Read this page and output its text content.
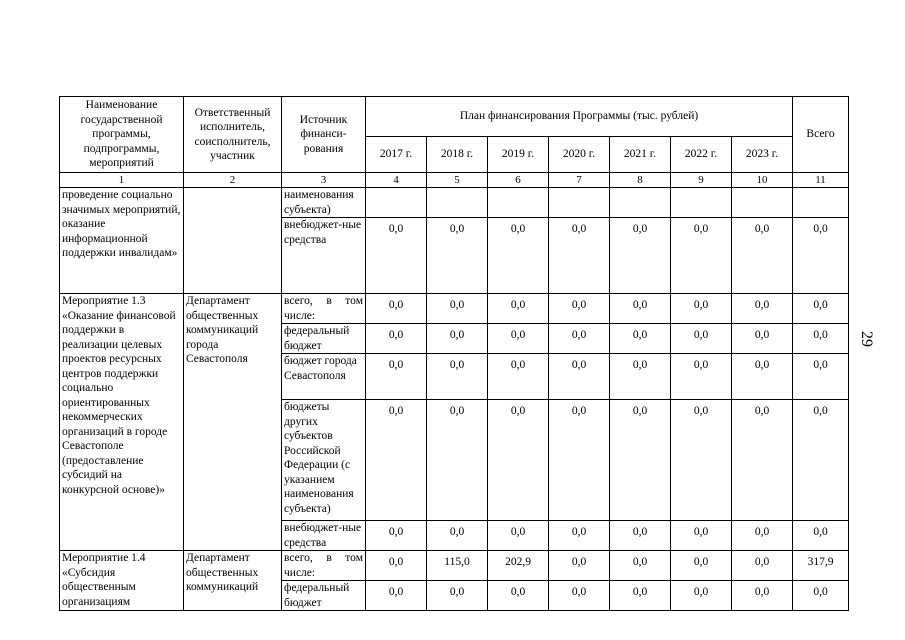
Наименование государственной программы, подпрограммы, мероприятий	Ответственный исполнитель, соисполнитель, участник	Источник финанси-рования	План финансирования Программы (тыс. рублей)							Всего
			2017 г.	2018 г.	2019 г.	2020 г.	2021 г.	2022 г.	2023 г.	
1	2	3	4	5	6	7	8	9	10	11
проведение социально значимых мероприятий, оказание информационной поддержки инвалидам»		наименования субъекта)								
		внебюджет-ные средства	0,0	0,0	0,0	0,0	0,0	0,0	0,0	0,0
Мероприятие 1.3 «Оказание финансовой поддержки в реализации целевых проектов ресурсных центров поддержки социально ориентированных некоммерческих организаций в городе Севастополе (предоставление субсидий на конкурсной основе)»	Департамент общественных коммуникаций города Севастополя	всего, в том числе:	0,0	0,0	0,0	0,0	0,0	0,0	0,0	0,0
		федеральный бюджет	0,0	0,0	0,0	0,0	0,0	0,0	0,0	0,0
		бюджет города Севастополя	0,0	0,0	0,0	0,0	0,0	0,0	0,0	0,0
		бюджеты других субъектов Российской Федерации (с указанием наименования субъекта)	0,0	0,0	0,0	0,0	0,0	0,0	0,0	0,0
		внебюджет-ные средства	0,0	0,0	0,0	0,0	0,0	0,0	0,0	0,0
Мероприятие 1.4 «Субсидия общественным организациям	Департамент общественных коммуникаций	всего, в том числе:	0,0	115,0	202,9	0,0	0,0	0,0	0,0	317,9
		федеральный бюджет	0,0	0,0	0,0	0,0	0,0	0,0	0,0	0,0
29
